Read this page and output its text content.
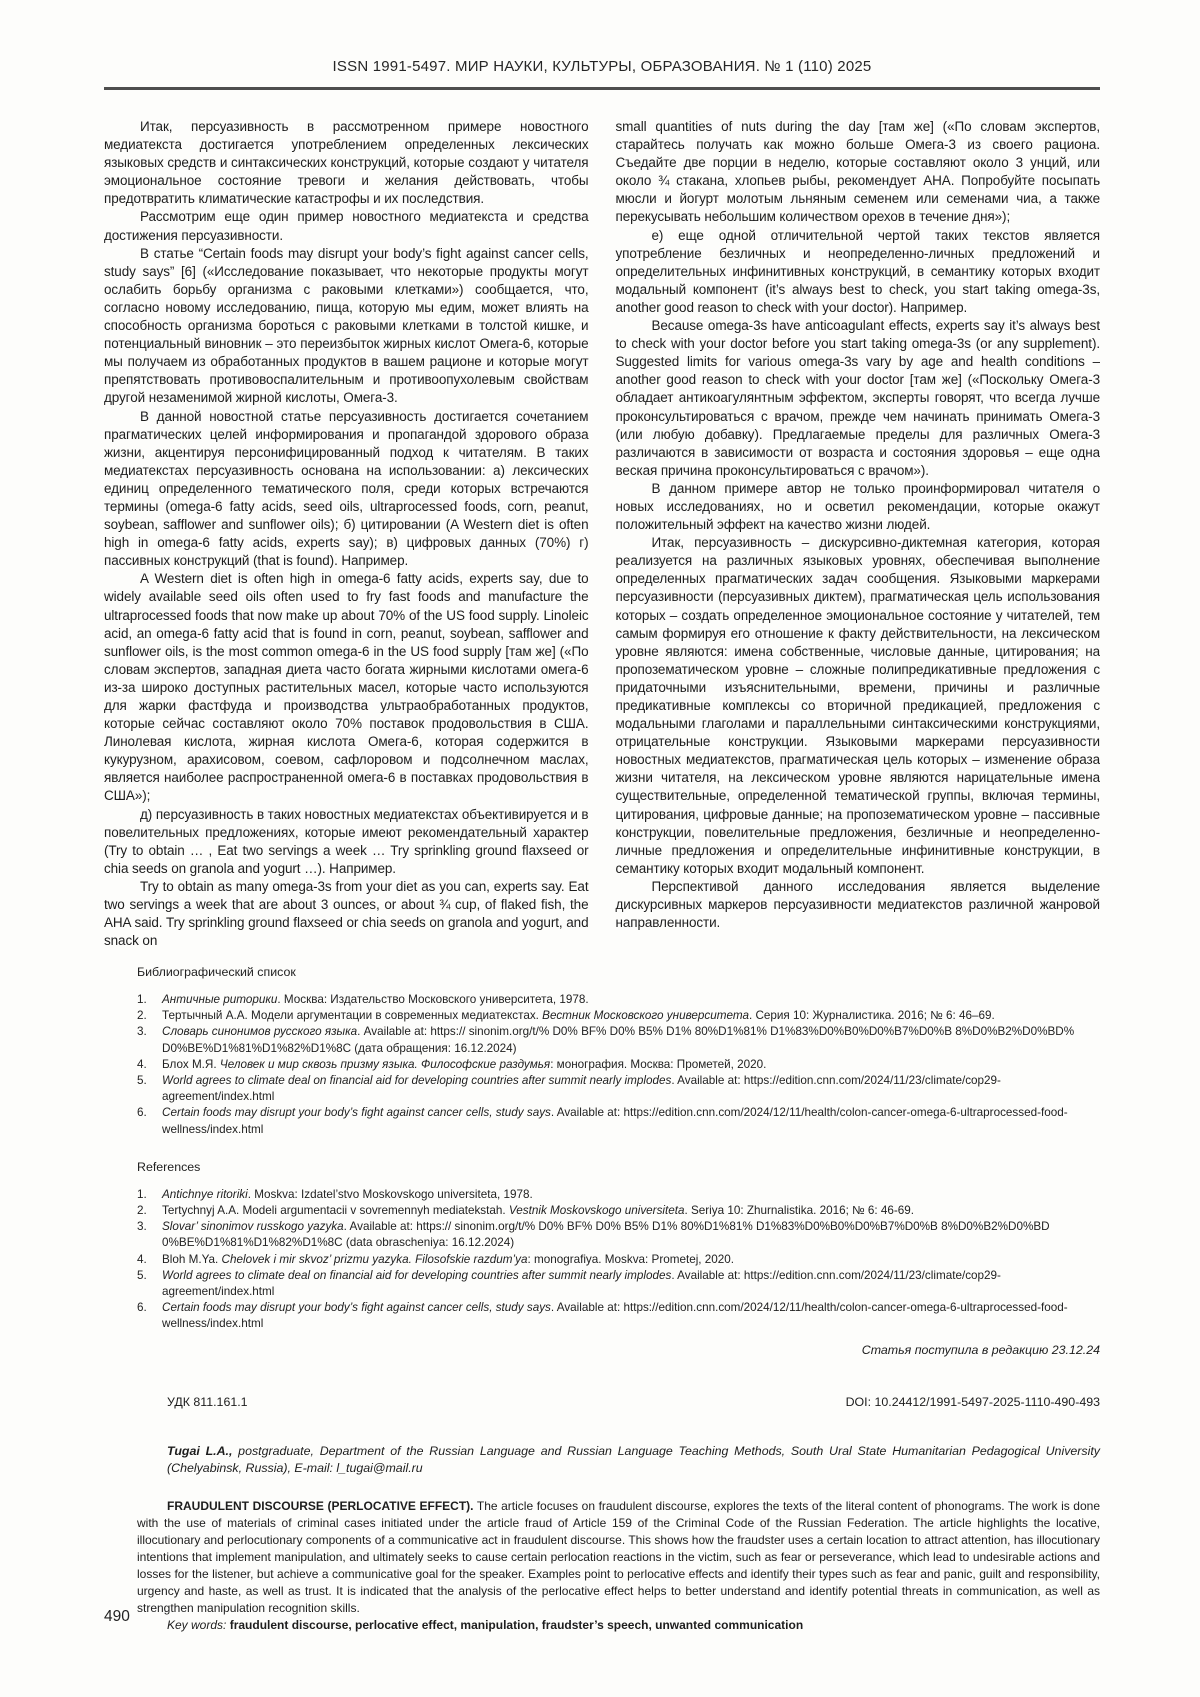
ISSN 1991-5497. МИР НАУКИ, КУЛЬТУРЫ, ОБРАЗОВАНИЯ. № 1 (110) 2025

Итак, персуазивность в рассмотренном примере новостного медиатекста достигается употреблением определенных лексических языковых средств и синтаксических конструкций, которые создают у читателя эмоциональное состояние тревоги и желания действовать, чтобы предотвратить климатические катастрофы и их последствия.

Рассмотрим еще один пример новостного медиатекста и средства достижения персуазивности.

В статье “Certain foods may disrupt your body’s fight against cancer cells, study says” [6] («Исследование показывает, что некоторые продукты могут ослабить борьбу организма с раковыми клетками») сообщается, что, согласно новому исследованию, пища, которую мы едим, может влиять на способность организма бороться с раковыми клетками в толстой кишке, и потенциальный виновник – это переизбыток жирных кислот Омега-6, которые мы получаем из обработанных продуктов в вашем рационе и которые могут препятствовать противовоспалительным и противоопухолевым свойствам другой незаменимой жирной кислоты, Омега-3.

В данной новостной статье персуазивность достигается сочетанием прагматических целей информирования и пропагандой здорового образа жизни, акцентируя персонифицированный подход к читателям. В таких медиатекстах персуазивность основана на использовании: а) лексических единиц определенного тематического поля, среди которых встречаются термины (omega-6 fatty acids, seed oils, ultraprocessed foods, corn, peanut, soybean, safflower and sunflower oils); б) цитировании (A Western diet is often high in omega-6 fatty acids, experts say); в) цифровых данных (70%) г) пассивных конструкций (that is found). Например.

A Western diet is often high in omega-6 fatty acids, experts say, due to widely available seed oils often used to fry fast foods and manufacture the ultraprocessed foods that now make up about 70% of the US food supply. Linoleic acid, an omega-6 fatty acid that is found in corn, peanut, soybean, safflower and sunflower oils, is the most common omega-6 in the US food supply [там же] («По словам экспертов, западная диета часто богата жирными кислотами омега-6 из-за широко доступных растительных масел, которые часто используются для жарки фастфуда и производства ультраобработанных продуктов, которые сейчас составляют около 70% поставок продовольствия в США. Линолевая кислота, жирная кислота Омега-6, которая содержится в кукурузном, арахисовом, соевом, сафлоровом и подсолнечном маслах, является наиболее распространенной омега-6 в поставках продовольствия в США»);

д) персуазивность в таких новостных медиатекстах объективируется и в повелительных предложениях, которые имеют рекомендательный характер (Try to obtain … , Eat two servings a week … Try sprinkling ground flaxseed or chia seeds on granola and yogurt …). Например.

Try to obtain as many omega-3s from your diet as you can, experts say. Eat two servings a week that are about 3 ounces, or about ¾ cup, of flaked fish, the AHA said. Try sprinkling ground flaxseed or chia seeds on granola and yogurt, and snack on

small quantities of nuts during the day [там же] («По словам экспертов, старайтесь получать как можно больше Омега-3 из своего рациона. Съедайте две порции в неделю, которые составляют около 3 унций, или около ¾ стакана, хлопьев рыбы, рекомендует АНА. Попробуйте посыпать мюсли и йогурт молотым льняным семенем или семенами чиа, а также перекусывать небольшим количеством орехов в течение дня»);

е) еще одной отличительной чертой таких текстов является употребление безличных и неопределенно-личных предложений и определительных инфинитивных конструкций, в семантику которых входит модальный компонент (it’s always best to check, you start taking omega-3s, another good reason to check with your doctor). Например.

Because omega-3s have anticoagulant effects, experts say it’s always best to check with your doctor before you start taking omega-3s (or any supplement). Suggested limits for various omega-3s vary by age and health conditions – another good reason to check with your doctor [там же] («Поскольку Омега-3 обладает антикоагулянтным эффектом, эксперты говорят, что всегда лучше проконсультироваться с врачом, прежде чем начинать принимать Омега-3 (или любую добавку). Предлагаемые пределы для различных Омега-3 различаются в зависимости от возраста и состояния здоровья – еще одна веская причина проконсультироваться с врачом»).

В данном примере автор не только проинформировал читателя о новых исследованиях, но и осветил рекомендации, которые окажут положительный эффект на качество жизни людей.

Итак, персуазивность – дискурсивно-диктемная категория, которая реализуется на различных языковых уровнях, обеспечивая выполнение определенных прагматических задач сообщения. Языковыми маркерами персуазивности (персуазивных диктем), прагматическая цель использования которых – создать определенное эмоциональное состояние у читателей, тем самым формируя его отношение к факту действительности, на лексическом уровне являются: имена собственные, числовые данные, цитирования; на пропозематическом уровне – сложные полипредикативные предложения с придаточными изъяснительными, времени, причины и различные предикативные комплексы со вторичной предикацией, предложения с модальными глаголами и параллельными синтаксическими конструкциями, отрицательные конструкции. Языковыми маркерами персуазивности новостных медиатекстов, прагматическая цель которых – изменение образа жизни читателя, на лексическом уровне являются нарицательные имена существительные, определенной тематической группы, включая термины, цитирования, цифровые данные; на пропозематическом уровне – пассивные конструкции, повелительные предложения, безличные и неопределенно-личные предложения и определительные инфинитивные конструкции, в семантику которых входит модальный компонент.

Перспективой данного исследования является выделение дискурсивных маркеров персуазивности медиатекстов различной жанровой направленности.

Библиографический список
1.	Античные риторики. Москва: Издательство Московского университета, 1978.
2.	Тертычный А.А. Модели аргументации в современных медиатекстах. Вестник Московского университета. Серия 10: Журналистика. 2016; № 6: 46–69.
3.	Словарь синонимов русского языка. Available at: https:// sinonim.org/t/% D0% BF% D0% B5% D1% 80%D1%81% D1%83%D0%B0%D0%B7%D0%B 8%D0%B2%D0%BD% D0%BE%D1%81%D1%82%D1%8C (дата обращения: 16.12.2024)
4.	Блох М.Я. Человек и мир сквозь призму языка. Философские раздумья: монография. Москва: Прометей, 2020.
5.	World agrees to climate deal on financial aid for developing countries after summit nearly implodes. Available at: https://edition.cnn.com/2024/11/23/climate/cop29-agreement/index.html
6.	Certain foods may disrupt your body’s fight against cancer cells, study says. Available at: https://edition.cnn.com/2024/12/11/health/colon-cancer-omega-6-ultraprocessed-food-wellness/index.html
References
1.	Antichnye ritoriki. Moskva: Izdatel’stvo Moskovskogo universiteta, 1978.
2.	Tertychnyj A.A. Modeli argumentacii v sovremennyh mediatekstah. Vestnik Moskovskogo universiteta. Seriya 10: Zhurnalistika. 2016; № 6: 46-69.
3.	Slovar’ sinonimov russkogo yazyka. Available at: https:// sinonim.org/t/% D0% BF% D0% B5% D1% 80%D1%81% D1%83%D0%B0%D0%B7%D0%B 8%D0%B2%D0%BD 0%BE%D1%81%D1%82%D1%8C (data obrascheniya: 16.12.2024)
4.	Bloh M.Ya. Chelovek i mir skvoz’ prizmu yazyka. Filosofskie razdum’ya: monografiya. Moskva: Prometej, 2020.
5.	World agrees to climate deal on financial aid for developing countries after summit nearly implodes. Available at: https://edition.cnn.com/2024/11/23/climate/cop29-agreement/index.html
6.	Certain foods may disrupt your body’s fight against cancer cells, study says. Available at: https://edition.cnn.com/2024/12/11/health/colon-cancer-omega-6-ultraprocessed-food-wellness/index.html
Статья поступила в редакцию 23.12.24
УДК 811.161.1	DOI: 10.24412/1991-5497-2025-1110-490-493
Tugai L.A., postgraduate, Department of the Russian Language and Russian Language Teaching Methods, South Ural State Humanitarian Pedagogical University (Chelyabinsk, Russia), E-mail: l_tugai@mail.ru
FRAUDULENT DISCOURSE (PERLOCATIVE EFFECT). The article focuses on fraudulent discourse, explores the texts of the literal content of phonograms. The work is done with the use of materials of criminal cases initiated under the article fraud of Article 159 of the Criminal Code of the Russian Federation. The article highlights the locative, illocutionary and perlocutionary components of a communicative act in fraudulent discourse. This shows how the fraudster uses a certain location to attract attention, has illocutionary intentions that implement manipulation, and ultimately seeks to cause certain perlocation reactions in the victim, such as fear or perseverance, which lead to undesirable actions and losses for the listener, but achieve a communicative goal for the speaker. Examples point to perlocative effects and identify their types such as fear and panic, guilt and responsibility, urgency and haste, as well as trust. It is indicated that the analysis of the perlocative effect helps to better understand and identify potential threats in communication, as well as strengthen manipulation recognition skills.
Key words: fraudulent discourse, perlocative effect, manipulation, fraudster’s speech, unwanted communication
490
